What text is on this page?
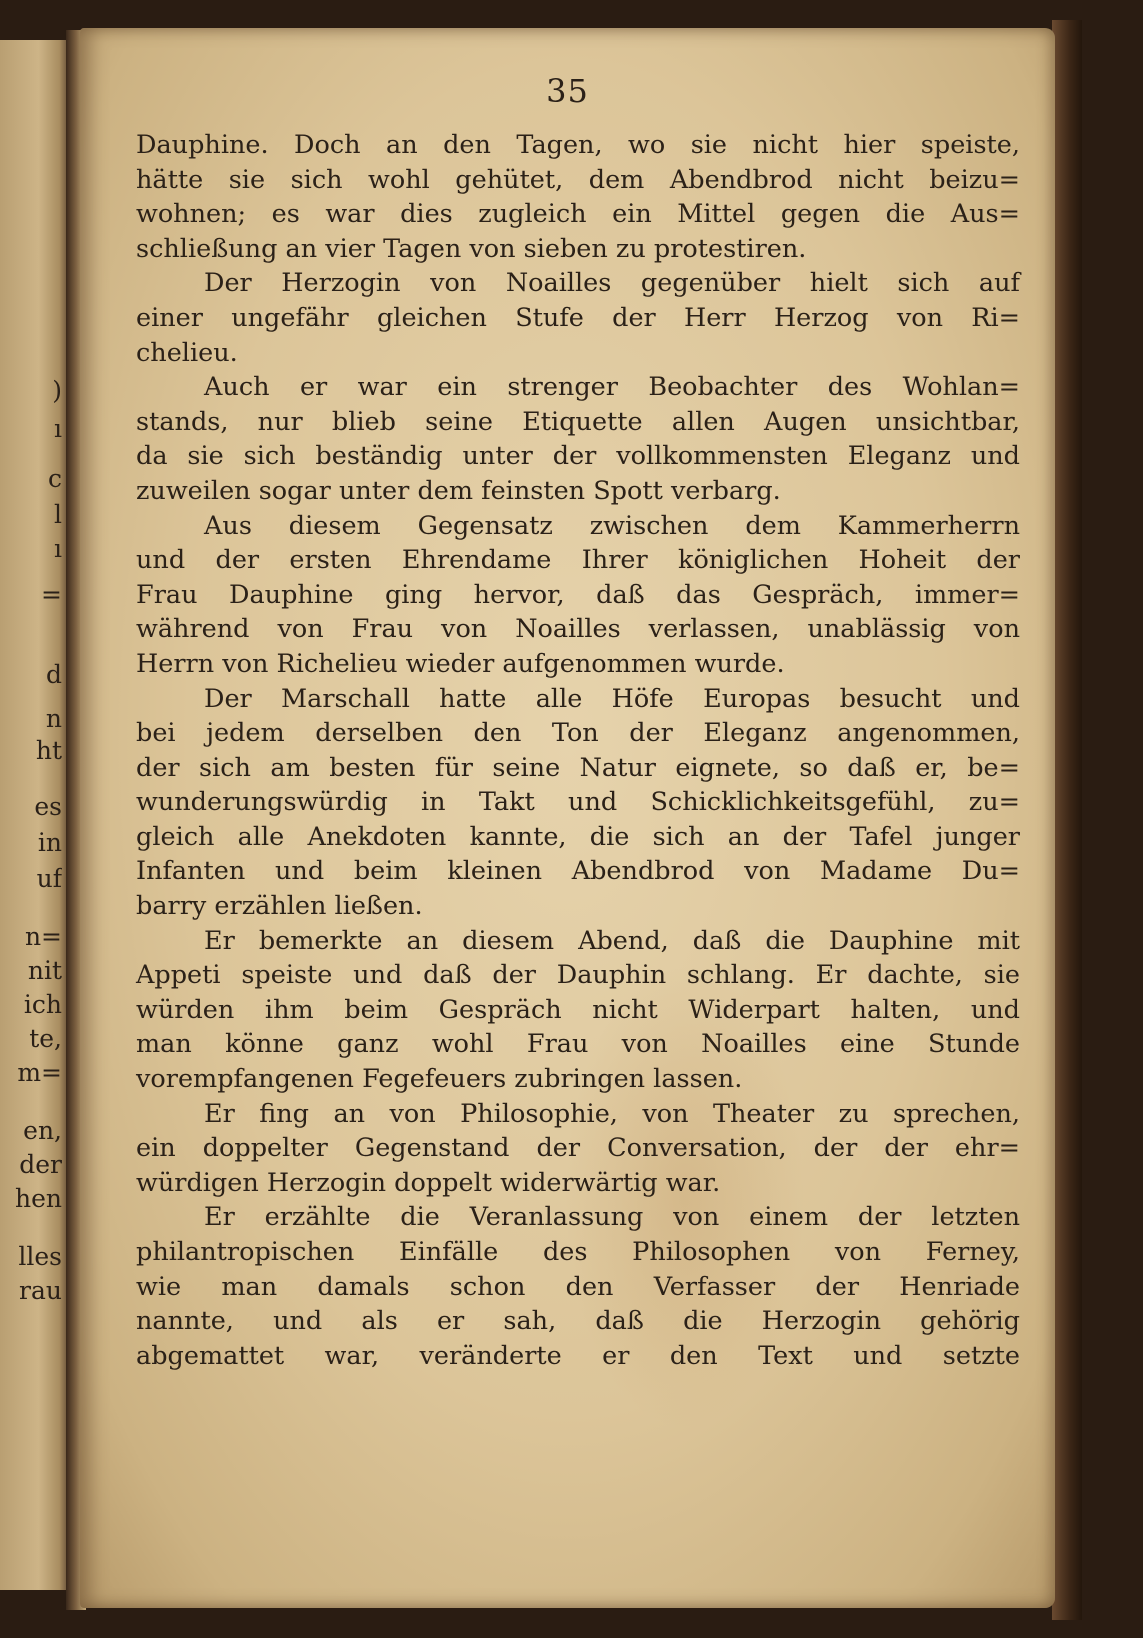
)
ı
c
l
ı
=
d
n
ht
es
in
uf
n=
nit
ich
te,
m=
en,
der
hen
lles
rau
35
Dauphine. Doch an den Tagen, wo sie nicht hier speiste,
hätte sie sich wohl gehütet, dem Abendbrod nicht beizu=
wohnen; es war dies zugleich ein Mittel gegen die Aus=
schließung an vier Tagen von sieben zu protestiren.
Der Herzogin von Noailles gegenüber hielt sich auf
einer ungefähr gleichen Stufe der Herr Herzog von Ri=
chelieu.
Auch er war ein strenger Beobachter des Wohlan=
stands, nur blieb seine Etiquette allen Augen unsichtbar,
da sie sich beständig unter der vollkommensten Eleganz und
zuweilen sogar unter dem feinsten Spott verbarg.
Aus diesem Gegensatz zwischen dem Kammerherrn
und der ersten Ehrendame Ihrer königlichen Hoheit der
Frau Dauphine ging hervor, daß das Gespräch, immer=
während von Frau von Noailles verlassen, unablässig von
Herrn von Richelieu wieder aufgenommen wurde.
Der Marschall hatte alle Höfe Europas besucht und
bei jedem derselben den Ton der Eleganz angenommen,
der sich am besten für seine Natur eignete, so daß er, be=
wunderungswürdig in Takt und Schicklichkeitsgefühl, zu=
gleich alle Anekdoten kannte, die sich an der Tafel junger
Infanten und beim kleinen Abendbrod von Madame Du=
barry erzählen ließen.
Er bemerkte an diesem Abend, daß die Dauphine mit
Appeti speiste und daß der Dauphin schlang. Er dachte, sie
würden ihm beim Gespräch nicht Widerpart halten, und
man könne ganz wohl Frau von Noailles eine Stunde
vorempfangenen Fegefeuers zubringen lassen.
Er fing an von Philosophie, von Theater zu sprechen,
ein doppelter Gegenstand der Conversation, der der ehr=
würdigen Herzogin doppelt widerwärtig war.
Er erzählte die Veranlassung von einem der letzten
philantropischen Einfälle des Philosophen von Ferney,
wie man damals schon den Verfasser der Henriade
nannte, und als er sah, daß die Herzogin gehörig
abgemattet war, veränderte er den Text und setzte
